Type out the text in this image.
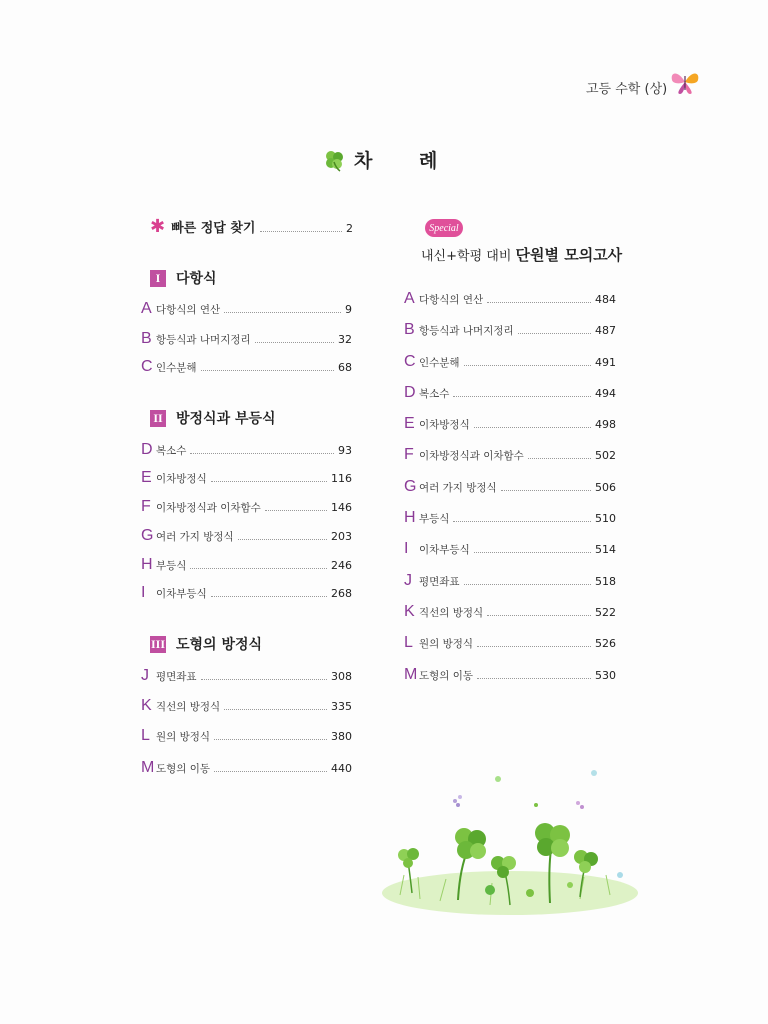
고등 수학 (상)
차 례
✱ 빠른 정답 찾기	2
I	다항식
A 다항식의 연산	9
B 항등식과 나머지정리	32
C 인수분해	68
II 방정식과 부등식
D 복소수	93
E 이차방정식	116
F 이차방정식과 이차함수	146
G 여러 가지 방정식	203
H 부등식	246
I	이차부등식	268
III 도형의 방정식
J 평면좌표	308
K 직선의 방정식	335
L 원의 방정식	380
M 도형의 이동	440
Special
내신+학평 대비 단원별 모의고사
A 다항식의 연산	484
B 항등식과 나머지정리	487
C 인수분해	491
D 복소수	494
E 이차방정식	498
F 이차방정식과 이차함수	502
G 여러 가지 방정식	506
H 부등식	510
I	이차부등식	514
J 평면좌표	518
K 직선의 방정식	522
L 원의 방정식	526
M 도형의 이동	530
